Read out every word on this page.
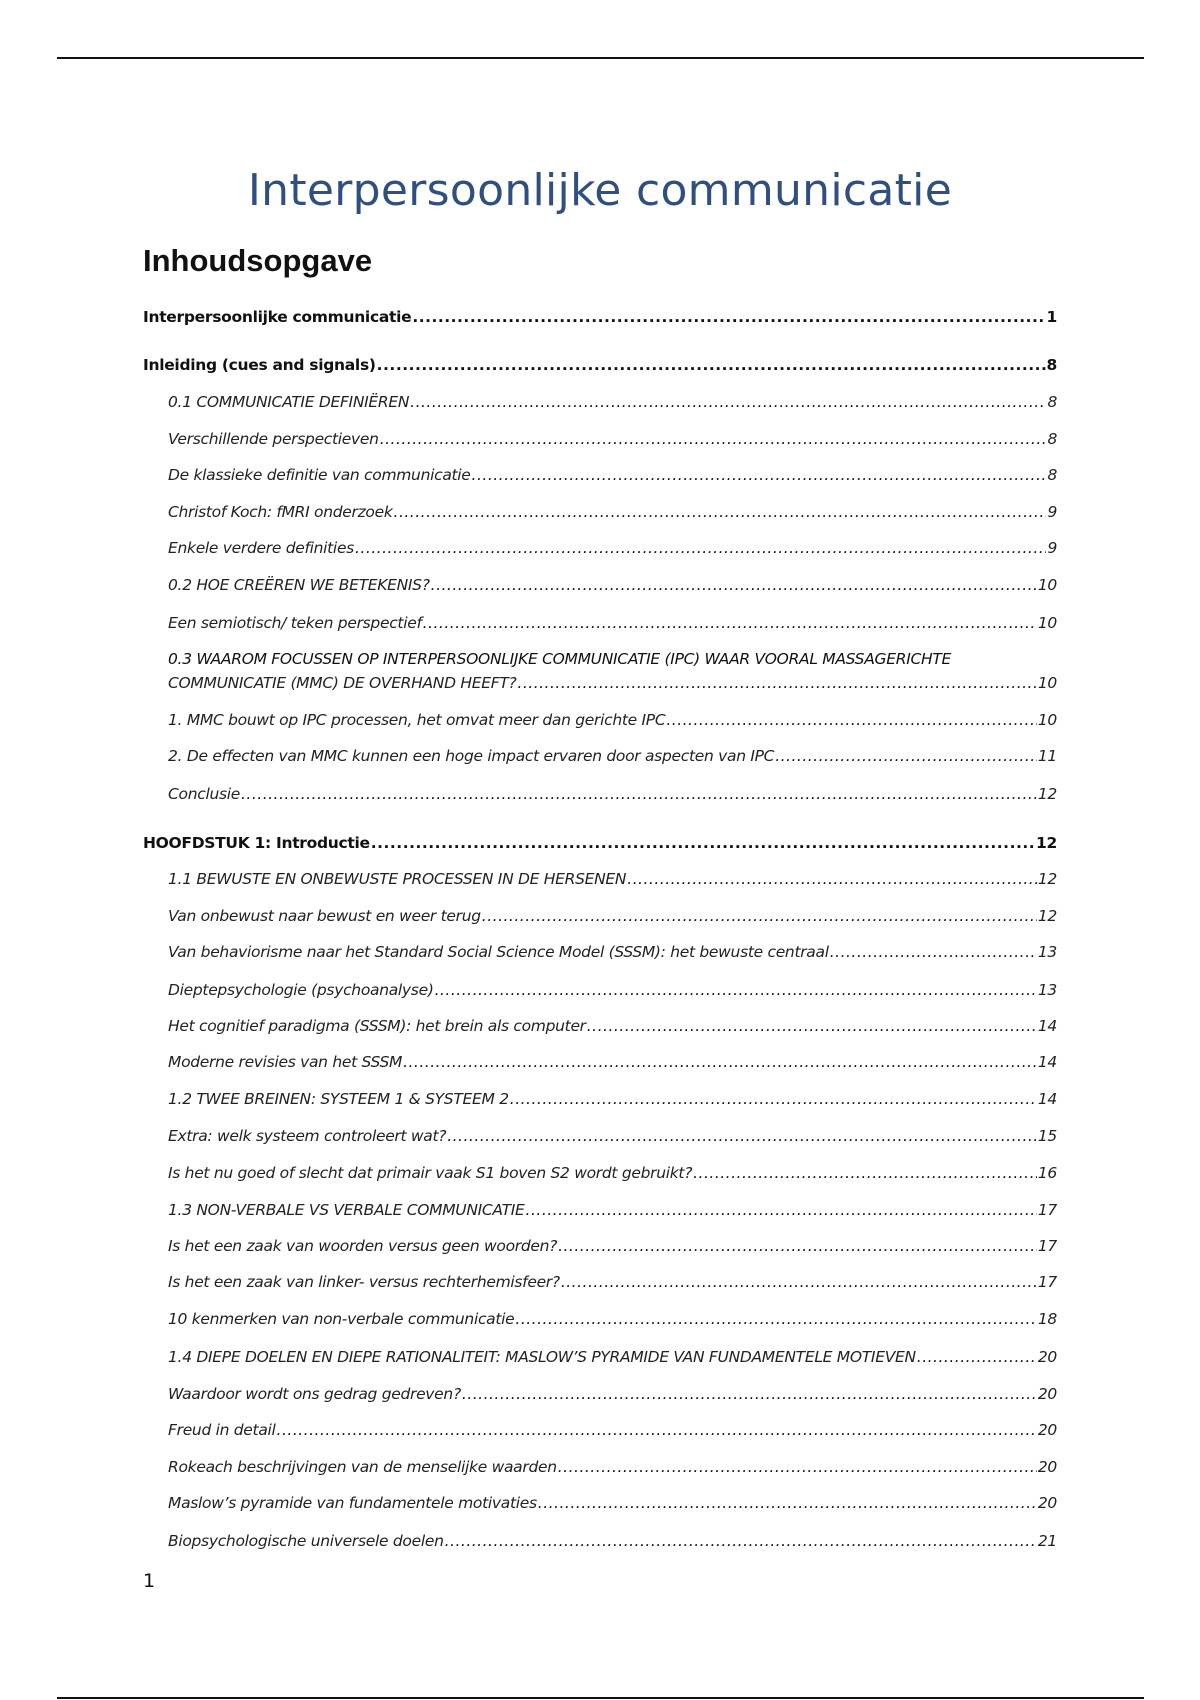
Interpersoonlijke communicatie
Inhoudsopgave
Interpersoonlijke communicatie .....	1
Inleiding (cues and signals) .....	8
0.1 COMMUNICATIE DEFINIËREN .....	8
Verschillende perspectieven .....	8
De klassieke definitie van communicatie .....	8
Christof Koch: fMRI onderzoek .....	9
Enkele verdere definities .....	9
0.2 HOE CREËREN WE BETEKENIS? .....	10
Een semiotisch/ teken perspectief .....	10
0.3 WAAROM FOCUSSEN OP INTERPERSOONLIJKE COMMUNICATIE (IPC) WAAR VOORAL MASSAGERICHTE
COMMUNICATIE (MMC) DE OVERHAND HEEFT? .....	10
1. MMC bouwt op IPC processen, het omvat meer dan gerichte IPC .....	10
2. De effecten van MMC kunnen een hoge impact ervaren door aspecten van IPC .....	11
Conclusie .....	12
HOOFDSTUK 1: Introductie .....	12
1.1 BEWUSTE EN ONBEWUSTE PROCESSEN IN DE HERSENEN .....	12
Van onbewust naar bewust en weer terug .....	12
Van behaviorisme naar het Standard Social Science Model (SSSM): het bewuste centraal .....	13
Dieptepsychologie (psychoanalyse) .....	13
Het cognitief paradigma (SSSM): het brein als computer .....	14
Moderne revisies van het SSSM .....	14
1.2 TWEE BREINEN: SYSTEEM 1 & SYSTEEM 2 .....	14
Extra: welk systeem controleert wat? .....	15
Is het nu goed of slecht dat primair vaak S1 boven S2 wordt gebruikt? .....	16
1.3 NON-VERBALE VS VERBALE COMMUNICATIE .....	17
Is het een zaak van woorden versus geen woorden? .....	17
Is het een zaak van linker- versus rechterhemisfeer? .....	17
10 kenmerken van non-verbale communicatie .....	18
1.4 DIEPE DOELEN EN DIEPE RATIONALITEIT: MASLOW’S PYRAMIDE VAN FUNDAMENTELE MOTIEVEN .....	20
Waardoor wordt ons gedrag gedreven? .....	20
Freud in detail .....	20
Rokeach beschrijvingen van de menselijke waarden .....	20
Maslow’s pyramide van fundamentele motivaties .....	20
Biopsychologische universele doelen .....	21
1
